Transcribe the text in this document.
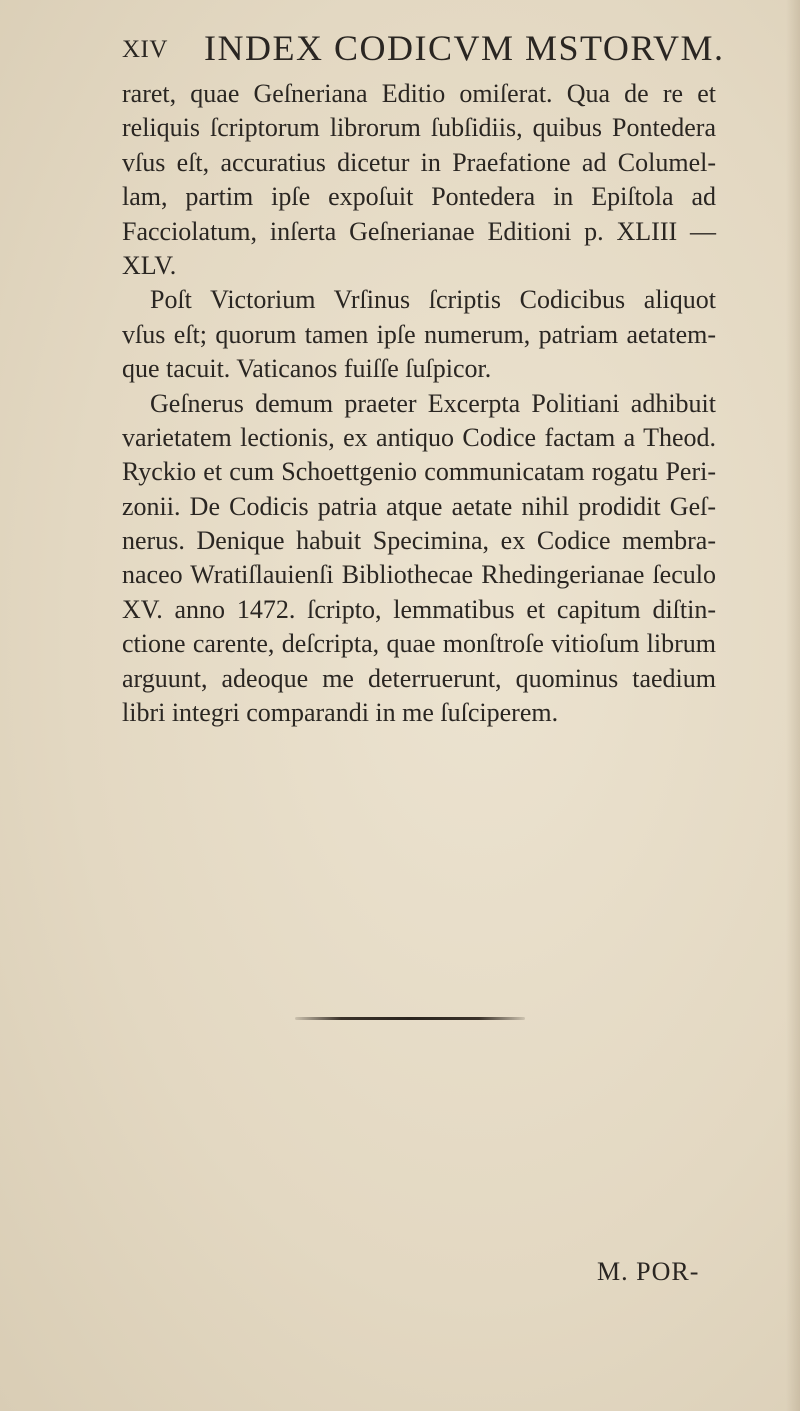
XIV INDEX CODICVM MSTORVM.
raret, quae Geſneriana Editio omiſerat. Qua de re et
reliquis ſcriptorum librorum ſubſidiis, quibus Pontedera
vſus eſt, accuratius dicetur in Praefatione ad Columel-
lam, partim ipſe expoſuit Pontedera in Epiſtola ad
Facciolatum, inſerta Geſnerianae Editioni p. XLIII —
XLV.
Poſt Victorium Vrſinus ſcriptis Codicibus aliquot
vſus eſt; quorum tamen ipſe numerum, patriam aetatem-
que tacuit. Vaticanos fuiſſe ſuſpicor.
Geſnerus demum praeter Excerpta Politiani adhibuit
varietatem lectionis, ex antiquo Codice factam a Theod.
Ryckio et cum Schoettgenio communicatam rogatu Peri-
zonii. De Codicis patria atque aetate nihil prodidit Geſ-
nerus. Denique habuit Specimina, ex Codice membra-
naceo Wratiſlauienſi Bibliothecae Rhedingerianae ſeculo
XV. anno 1472. ſcripto, lemmatibus et capitum diſtin-
ctione carente, deſcripta, quae monſtroſe vitioſum librum
arguunt, adeoque me deterruerunt, quominus taedium
libri integri comparandi in me ſuſciperem.
M. POR-
